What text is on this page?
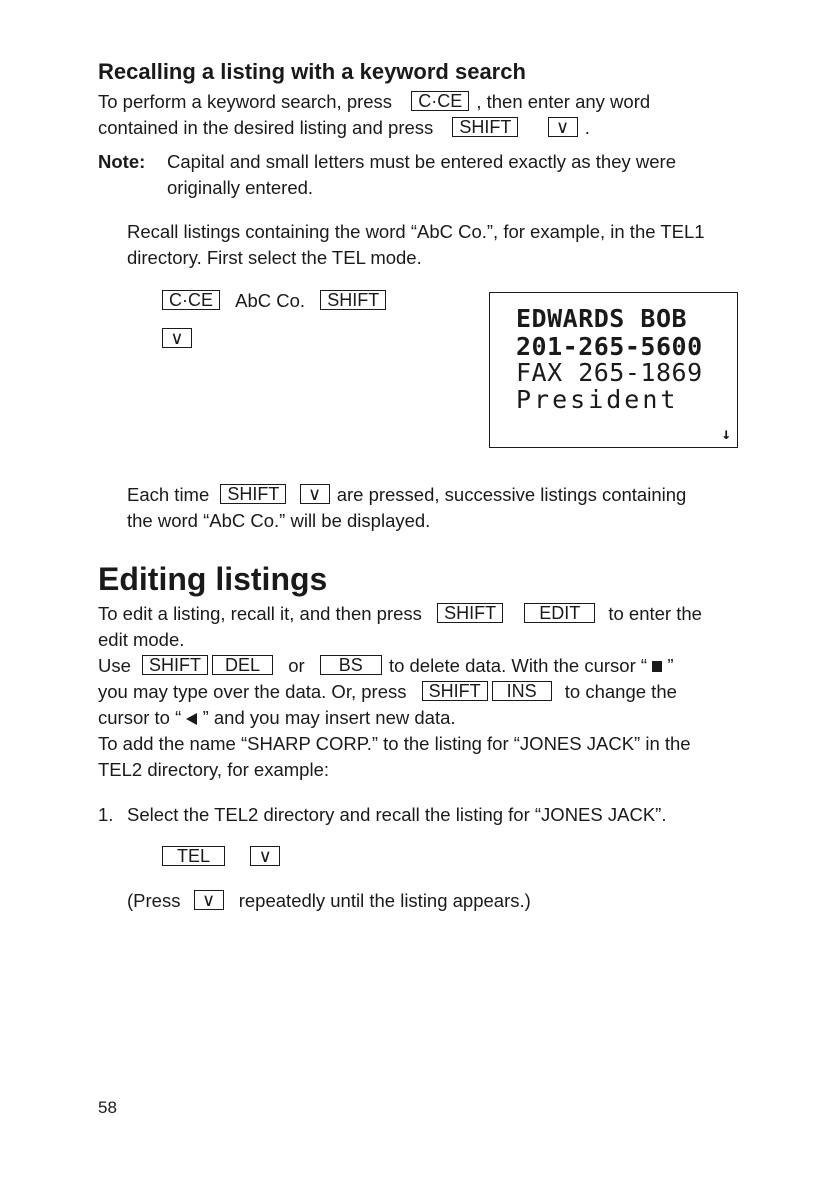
Recalling a listing with a keyword search
To perform a keyword search, press C·CE , then enter any word
contained in the desired listing and press SHIFT ∨ .
Note: Capital and small letters must be entered exactly as they were
originally entered.
Recall listings containing the word “AbC Co.”, for example, in the TEL1
directory. First select the TEL mode.
C·CE AbC Co. SHIFT
∨
EDWARDS BOB
201-265-5600
FAX 265-1869
President
↓
Each time SHIFT ∨ are pressed, successive listings containing
the word “AbC Co.” will be displayed.
Editing listings
To edit a listing, recall it, and then press SHIFT EDIT to enter the
edit mode.
Use SHIFT DEL or BS to delete data. With the cursor “ ”
you may type over the data. Or, press SHIFT INS to change the
cursor to “ ” and you may insert new data.
To add the name “SHARP CORP.” to the listing for “JONES JACK” in the
TEL2 directory, for example:
1. Select the TEL2 directory and recall the listing for “JONES JACK”.
TEL	∨
(Press ∨ repeatedly until the listing appears.)
58
